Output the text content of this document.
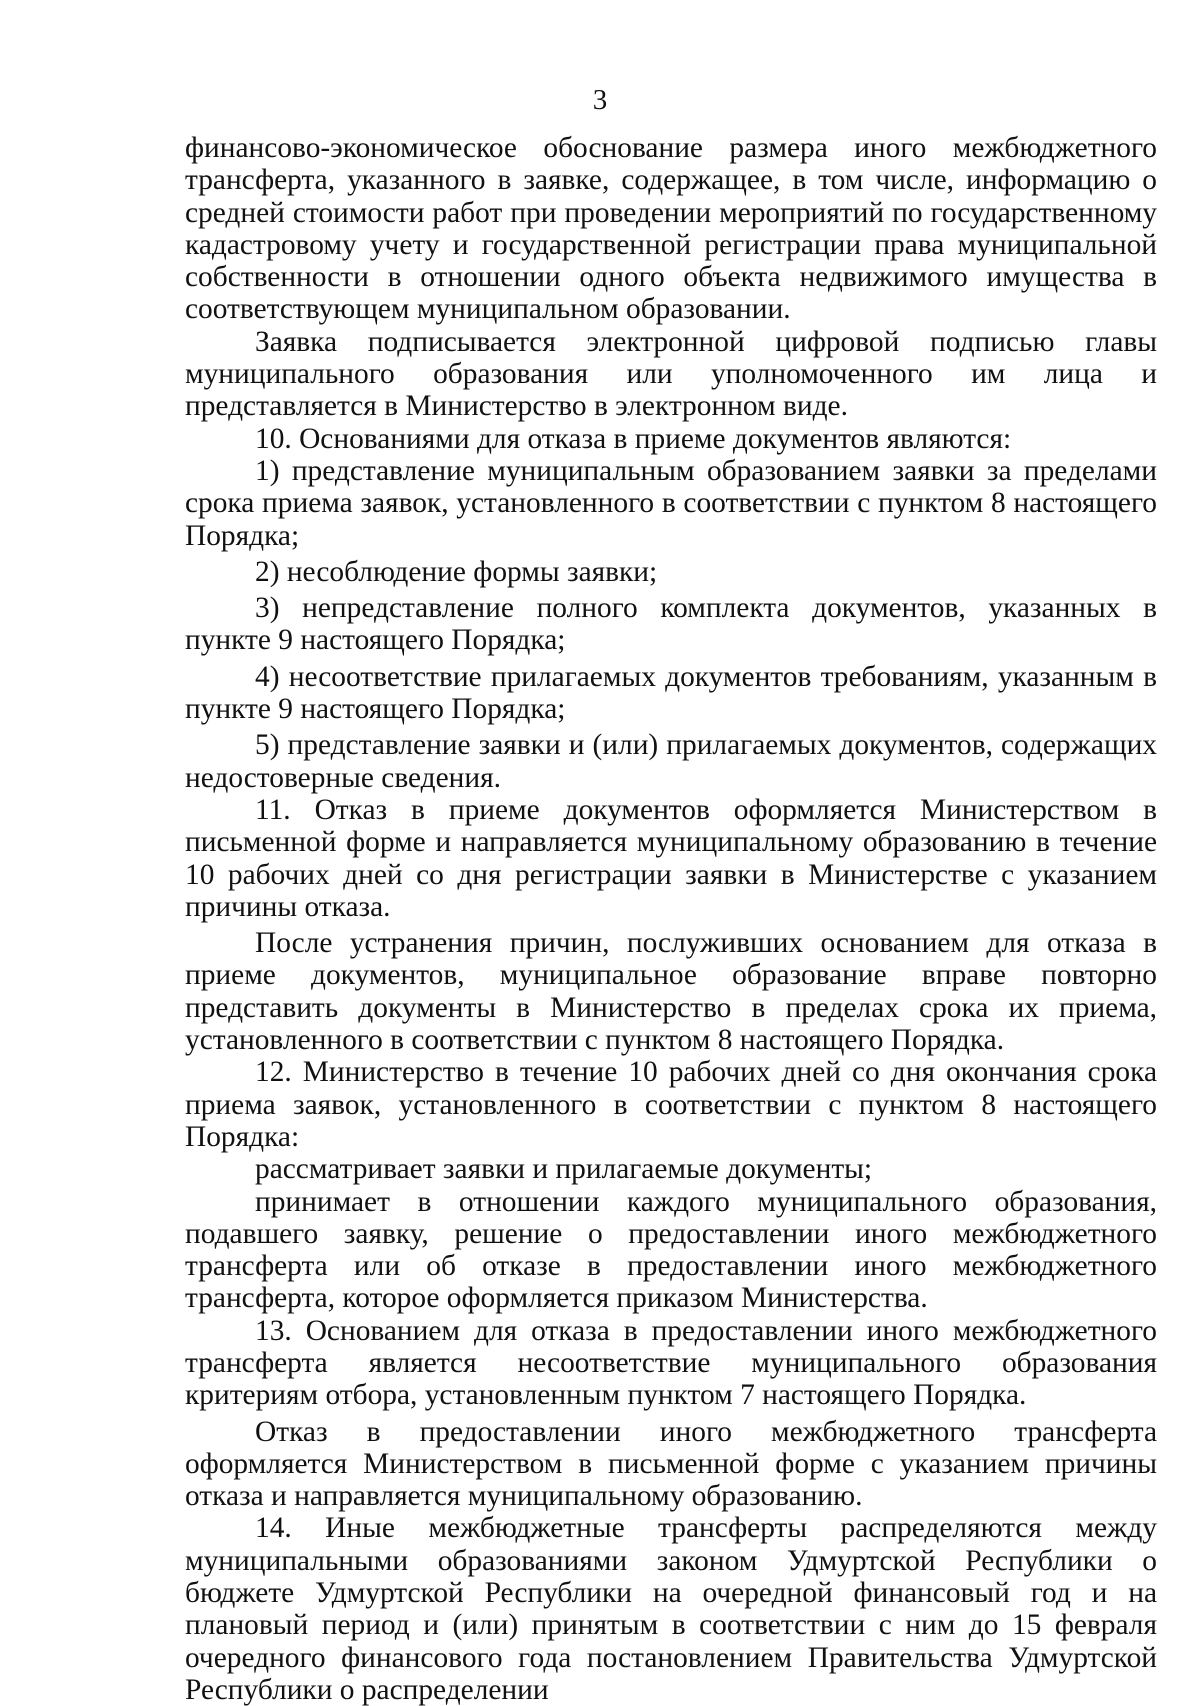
3

финансово-экономическое обоснование размера иного межбюджетного трансферта, указанного в заявке, содержащее, в том числе, информацию о средней стоимости работ при проведении мероприятий по государственному кадастровому учету и государственной регистрации права муниципальной собственности в отношении одного объекта недвижимого имущества в соответствующем муниципальном образовании.

Заявка подписывается электронной цифровой подписью главы муниципального образования или уполномоченного им лица и представляется в Министерство в электронном виде.

10. Основаниями для отказа в приеме документов являются:

1) представление муниципальным образованием заявки за пределами срока приема заявок, установленного в соответствии с пунктом 8 настоящего Порядка;

2) несоблюдение формы заявки;

3) непредставление полного комплекта документов, указанных в пункте 9 настоящего Порядка;

4) несоответствие прилагаемых документов требованиям, указанным в пункте 9 настоящего Порядка;

5) представление заявки и (или) прилагаемых документов, содержащих недостоверные сведения.

11. Отказ в приеме документов оформляется Министерством в письменной форме и направляется муниципальному образованию в течение 10 рабочих дней со дня регистрации заявки в Министерстве с указанием причины отказа.

После устранения причин, послуживших основанием для отказа в приеме документов, муниципальное образование вправе повторно представить документы в Министерство в пределах срока их приема, установленного в соответствии с пунктом 8 настоящего Порядка.

12. Министерство в течение 10 рабочих дней со дня окончания срока приема заявок, установленного в соответствии с пунктом 8 настоящего Порядка:

рассматривает заявки и прилагаемые документы;

принимает в отношении каждого муниципального образования, подавшего заявку, решение о предоставлении иного межбюджетного трансферта или об отказе в предоставлении иного межбюджетного трансферта, которое оформляется приказом Министерства.

13. Основанием для отказа в предоставлении иного межбюджетного трансферта является несоответствие муниципального образования критериям отбора, установленным пунктом 7 настоящего Порядка.

Отказ в предоставлении иного межбюджетного трансферта оформляется Министерством в письменной форме с указанием причины отказа и направляется муниципальному образованию.

14. Иные межбюджетные трансферты распределяются между муниципальными образованиями законом Удмуртской Республики о бюджете Удмуртской Республики на очередной финансовый год и на плановый период и (или) принятым в соответствии с ним до 15 февраля очередного финансового года постановлением Правительства Удмуртской Республики о распределении
